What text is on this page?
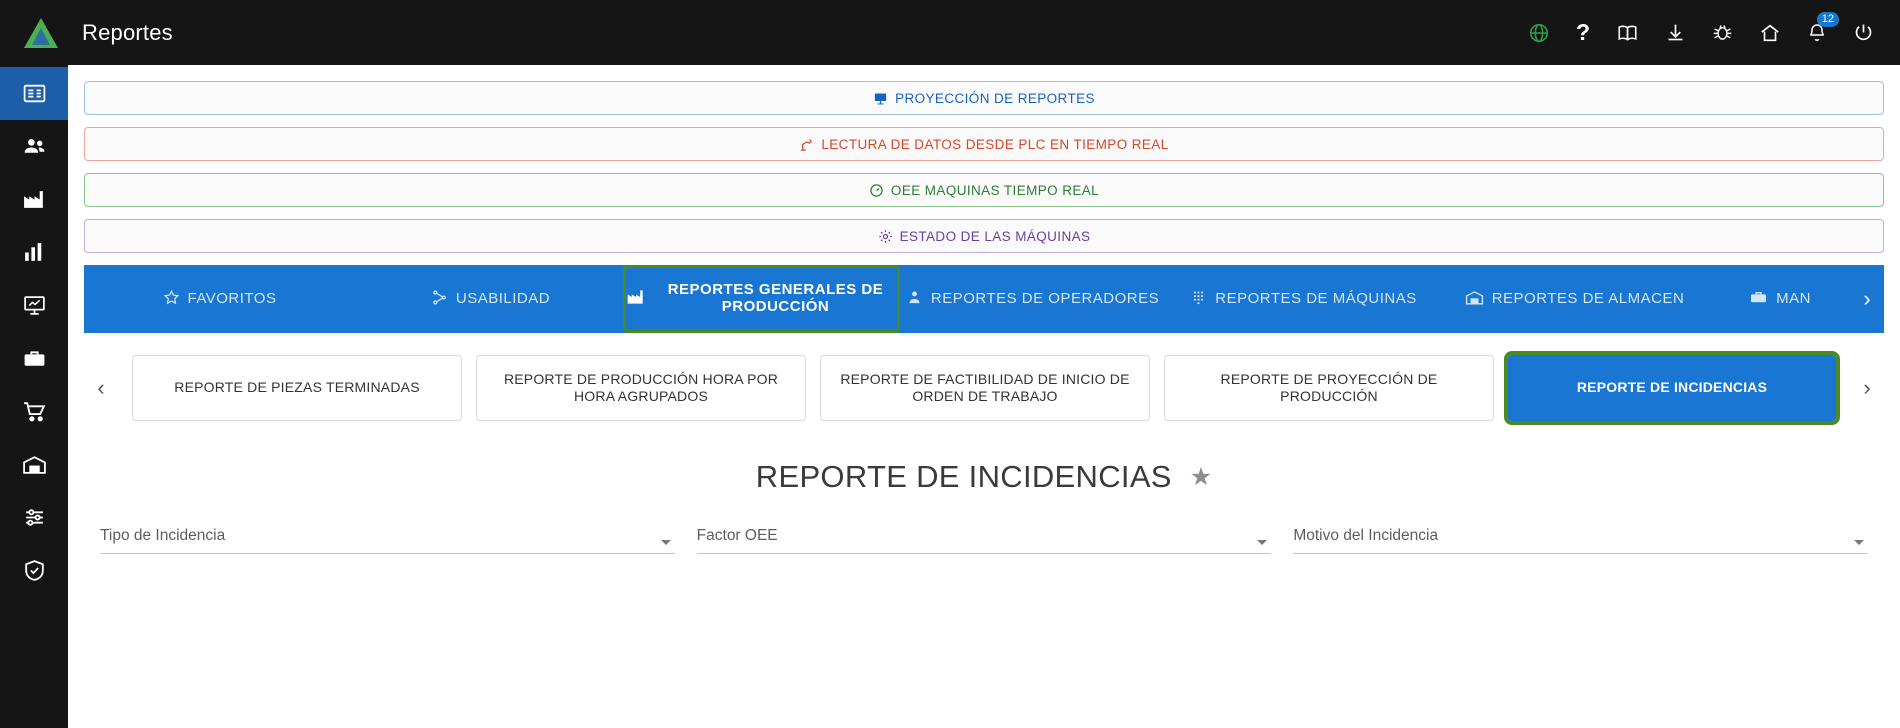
Reportes	?	12
PROYECCIÓN DE REPORTES
LECTURA DE DATOS DESDE PLC EN TIEMPO REAL
OEE MAQUINAS TIEMPO REAL
ESTADO DE LAS MÁQUINAS
FAVORITOS	USABILIDAD	REPORTES GENERALES DE PRODUCCIÓN	REPORTES DE OPERADORES	REPORTES DE MÁQUINAS	REPORTES DE ALMACEN	MAN	›
‹	REPORTE DE PIEZAS TERMINADAS
REPORTE DE PRODUCCIÓN HORA POR HORA AGRUPADOS
REPORTE DE FACTIBILIDAD DE INICIO DE ORDEN DE TRABAJO
REPORTE DE PROYECCIÓN DE PRODUCCIÓN
REPORTE DE INCIDENCIAS	›
REPORTE DE INCIDENCIAS ★
Tipo de Incidencia	Factor OEE	Motivo del Incidencia
